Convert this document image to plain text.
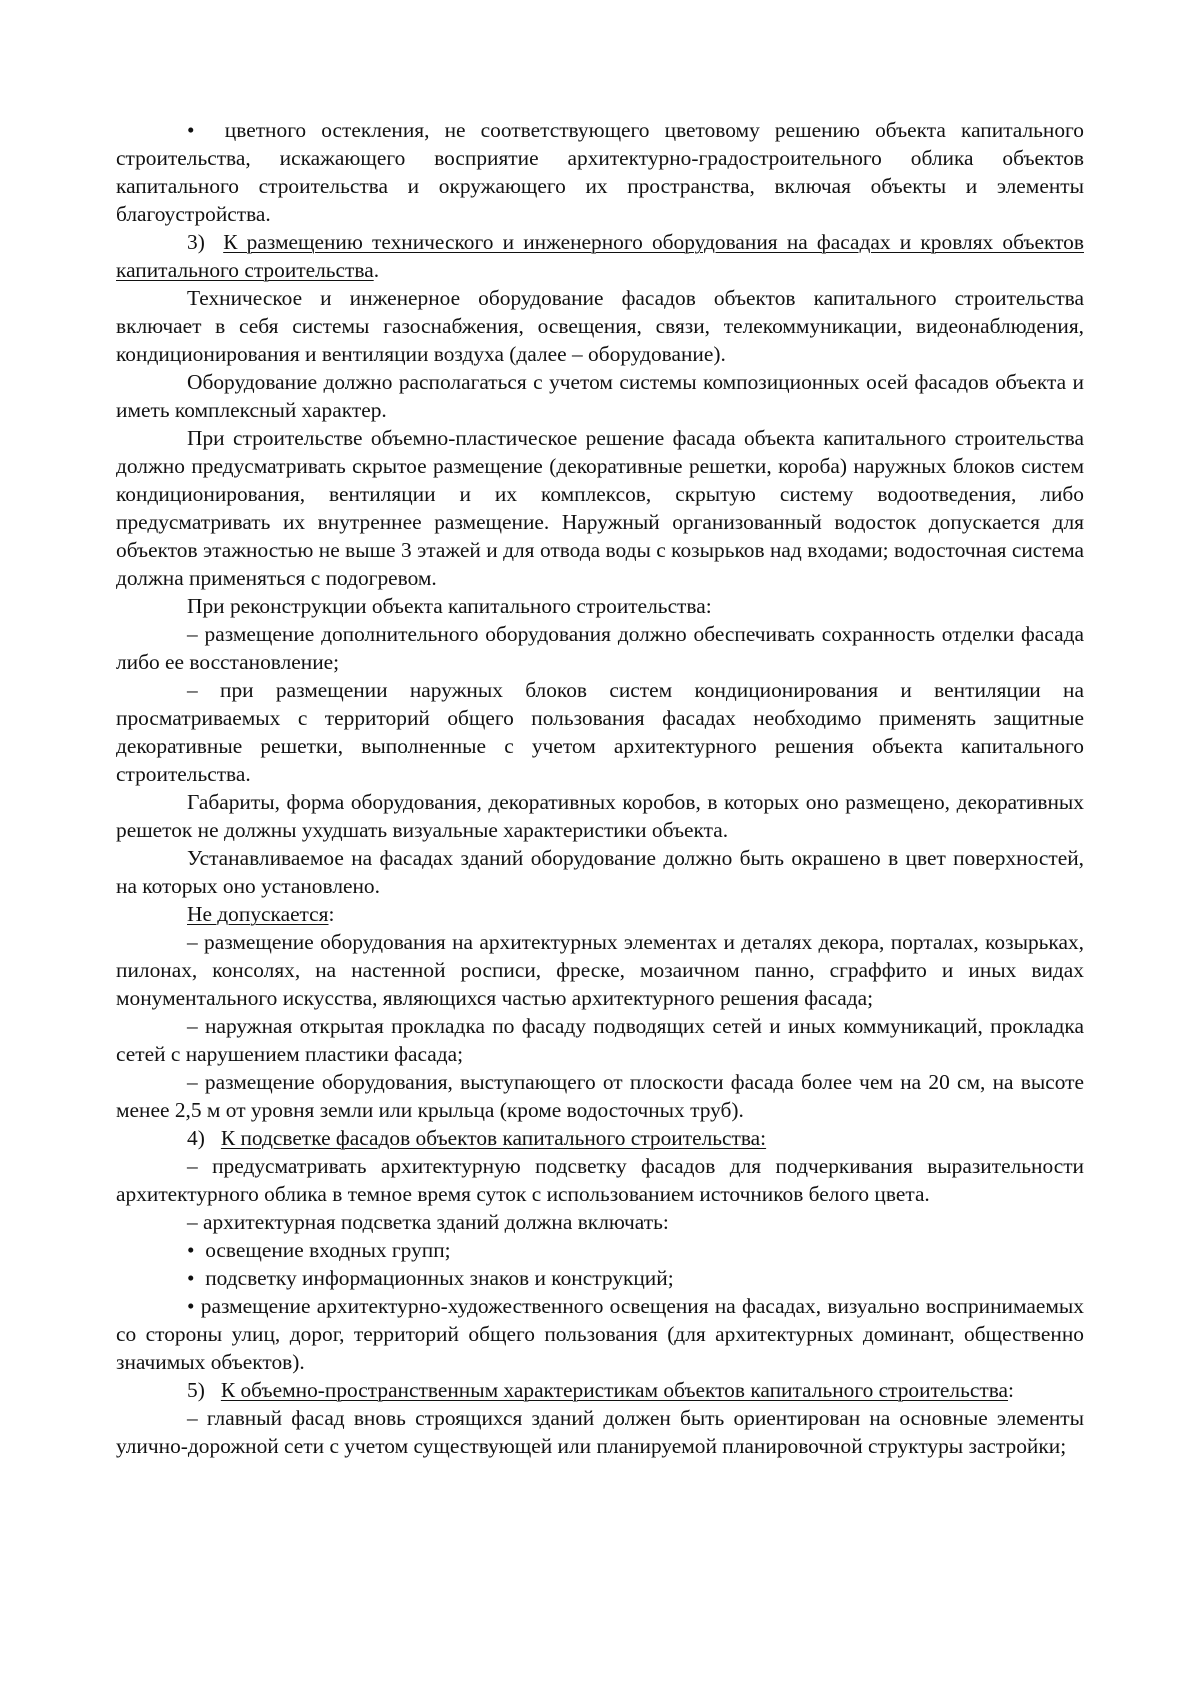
• цветного остекления, не соответствующего цветовому решению объекта капитального строительства, искажающего восприятие архитектурно-градостроительного облика объектов капитального строительства и окружающего их пространства, включая объекты и элементы благоустройства.

3) К размещению технического и инженерного оборудования на фасадах и кровлях объектов капитального строительства.

Техническое и инженерное оборудование фасадов объектов капитального строительства включает в себя системы газоснабжения, освещения, связи, телекоммуникации, видеонаблюдения, кондиционирования и вентиляции воздуха (далее – оборудование).

Оборудование должно располагаться с учетом системы композиционных осей фасадов объекта и иметь комплексный характер.

При строительстве объемно-пластическое решение фасада объекта капитального строительства должно предусматривать скрытое размещение (декоративные решетки, короба) наружных блоков систем кондиционирования, вентиляции и их комплексов, скрытую систему водоотведения, либо предусматривать их внутреннее размещение. Наружный организованный водосток допускается для объектов этажностью не выше 3 этажей и для отвода воды с козырьков над входами; водосточная система должна применяться с подогревом.

При реконструкции объекта капитального строительства:

– размещение дополнительного оборудования должно обеспечивать сохранность отделки фасада либо ее восстановление;

– при размещении наружных блоков систем кондиционирования и вентиляции на просматриваемых с территорий общего пользования фасадах необходимо применять защитные декоративные решетки, выполненные с учетом архитектурного решения объекта капитального строительства.

Габариты, форма оборудования, декоративных коробов, в которых оно размещено, декоративных решеток не должны ухудшать визуальные характеристики объекта.

Устанавливаемое на фасадах зданий оборудование должно быть окрашено в цвет поверхностей, на которых оно установлено.

Не допускается:

– размещение оборудования на архитектурных элементах и деталях декора, порталах, козырьках, пилонах, консолях, на настенной росписи, фреске, мозаичном панно, сграффито и иных видах монументального искусства, являющихся частью архитектурного решения фасада;

– наружная открытая прокладка по фасаду подводящих сетей и иных коммуникаций, прокладка сетей с нарушением пластики фасада;

– размещение оборудования, выступающего от плоскости фасада более чем на 20 см, на высоте менее 2,5 м от уровня земли или крыльца (кроме водосточных труб).

4) К подсветке фасадов объектов капитального строительства:

– предусматривать архитектурную подсветку фасадов для подчеркивания выразительности архитектурного облика в темное время суток с использованием источников белого цвета.

– архитектурная подсветка зданий должна включать:

• освещение входных групп;

• подсветку информационных знаков и конструкций;

• размещение архитектурно-художественного освещения на фасадах, визуально воспринимаемых со стороны улиц, дорог, территорий общего пользования (для архитектурных доминант, общественно значимых объектов).

5) К объемно-пространственным характеристикам объектов капитального строительства:

– главный фасад вновь строящихся зданий должен быть ориентирован на основные элементы улично-дорожной сети с учетом существующей или планируемой планировочной структуры застройки;
